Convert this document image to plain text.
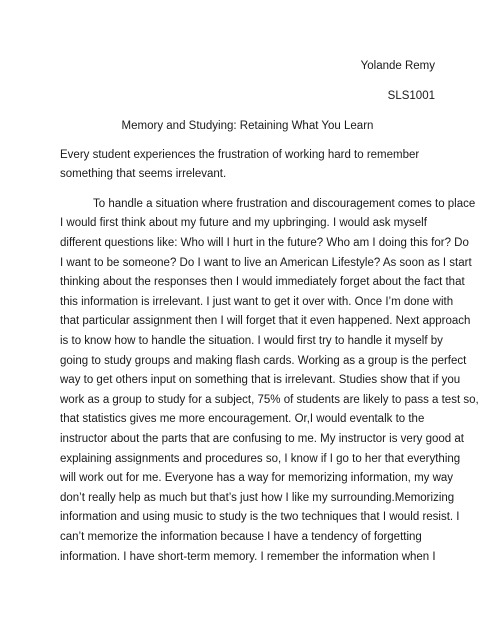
Yolande Remy
SLS1001
Memory and Studying: Retaining What You Learn
Every student experiences the frustration of working hard to remember
something that seems irrelevant.
To handle a situation where frustration and discouragement comes to place
I would first think about my future and my upbringing. I would ask myself
different questions like: Who will I hurt in the future? Who am I doing this for? Do
I want to be someone? Do I want to live an American Lifestyle? As soon as I start
thinking about the responses then I would immediately forget about the fact that
this information is irrelevant. I just want to get it over with. Once I’m done with
that particular assignment then I will forget that it even happened. Next approach
is to know how to handle the situation. I would first try to handle it myself by
going to study groups and making flash cards. Working as a group is the perfect
way to get others input on something that is irrelevant. Studies show that if you
work as a group to study for a subject, 75% of students are likely to pass a test so,
that statistics gives me more encouragement. Or,I would eventalk to the
instructor about the parts that are confusing to me. My instructor is very good at
explaining assignments and procedures so, I know if I go to her that everything
will work out for me. Everyone has a way for memorizing information, my way
don’t really help as much but that’s just how I like my surrounding.Memorizing
information and using music to study is the two techniques that I would resist. I
can’t memorize the information because I have a tendency of forgetting
information. I have short-term memory. I remember the information when I
